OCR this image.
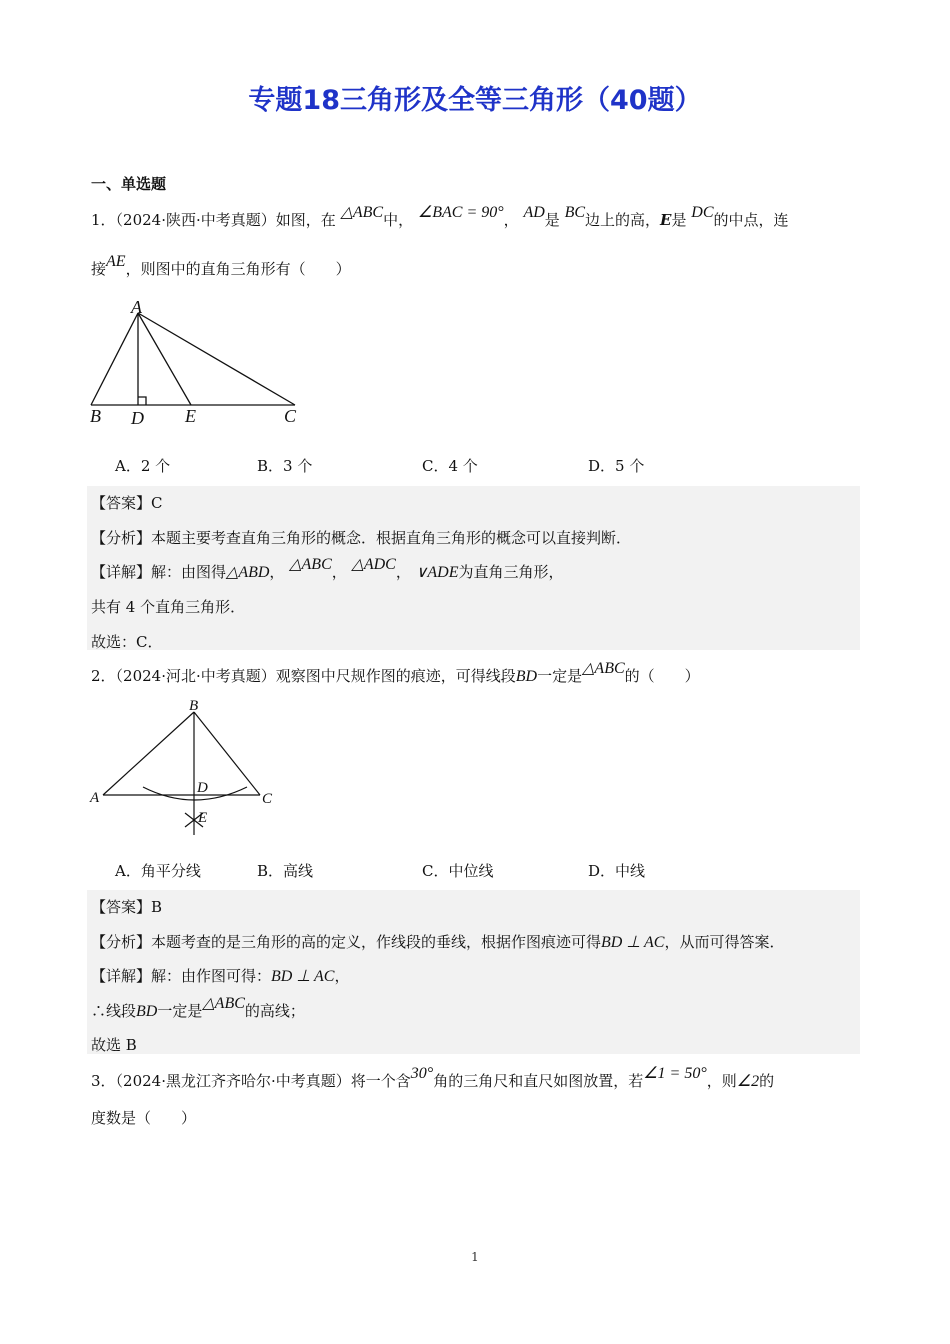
专题18三角形及全等三角形（40题）
一、单选题
1．（2024·陕西·中考真题）如图，在 △ABC中， ∠BAC = 90°， AD是 BC边上的高，E是 DC的中点，连
接AE，则图中的直角三角形有（　　）
A
B D E	C
A．2 个	B．3 个	C．4 个	D．5 个
【答案】C
【分析】本题主要考查直角三角形的概念．根据直角三角形的概念可以直接判断．
【详解】解：由图得△ABD， △ABC， △ADC， ∨ADE为直角三角形，
共有 4 个直角三角形．
故选：C．
2．（2024·河北·中考真题）观察图中尺规作图的痕迹，可得线段BD一定是△ABC的（　　）
B
A
D
C
E
A．角平分线	B．高线	C．中位线	D．中线
【答案】B
【分析】本题考查的是三角形的高的定义，作线段的垂线，根据作图痕迹可得BD ⊥ AC，从而可得答案．
【详解】解：由作图可得：BD ⊥ AC，
∴线段BD一定是△ABC的高线；
故选 B
3．（2024·黑龙江齐齐哈尔·中考真题）将一个含30°角的三角尺和直尺如图放置，若∠1 = 50°，则∠2的
度数是（　　）
1
